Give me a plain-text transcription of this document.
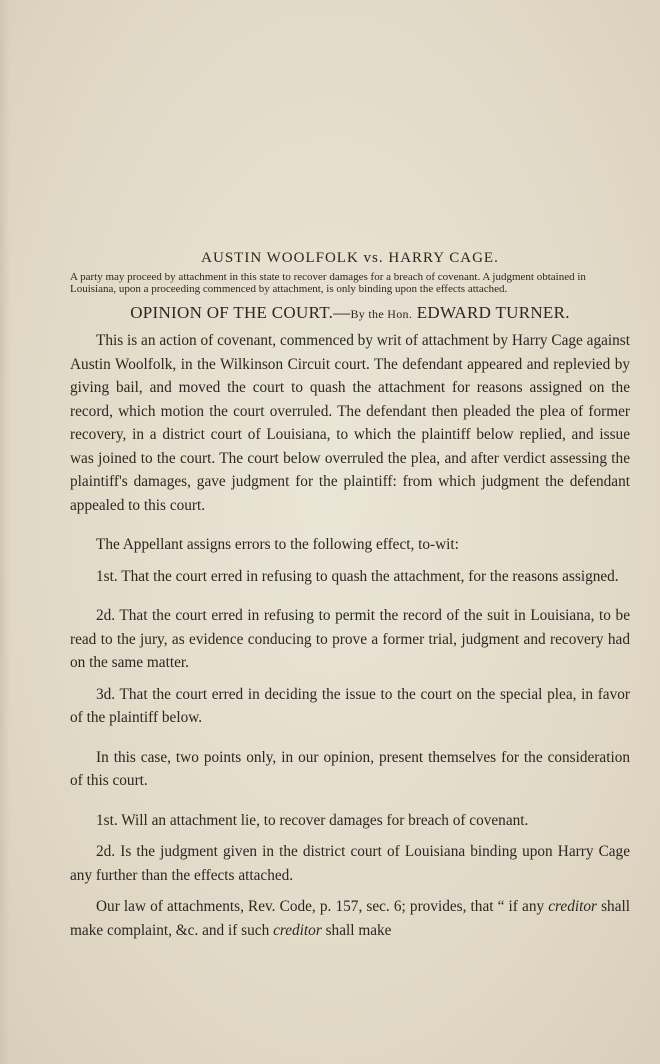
AUSTIN WOOLFOLK vs. HARRY CAGE.
A party may proceed by attachment in this state to recover damages for a breach of covenant. A judgment obtained in Louisiana, upon a proceeding commenced by attachment, is only binding upon the effects attached.
OPINION OF THE COURT.—By the Hon. EDWARD TURNER.

This is an action of covenant, commenced by writ of attachment by Harry Cage against Austin Woolfolk, in the Wilkinson Circuit court. The defendant appeared and replevied by giving bail, and moved the court to quash the attachment for reasons assigned on the record, which motion the court overruled. The defendant then pleaded the plea of former recovery, in a district court of Louisiana, to which the plaintiff below replied, and issue was joined to the court. The court below overruled the plea, and after verdict assessing the plaintiff's damages, gave judgment for the plaintiff: from which judgment the defendant appealed to this court.

The Appellant assigns errors to the following effect, to-wit:

1st. That the court erred in refusing to quash the attachment, for the reasons assigned.

2d. That the court erred in refusing to permit the record of the suit in Louisiana, to be read to the jury, as evidence conducing to prove a former trial, judgment and recovery had on the same matter.

3d. That the court erred in deciding the issue to the court on the special plea, in favor of the plaintiff below.

In this case, two points only, in our opinion, present themselves for the consideration of this court.

1st. Will an attachment lie, to recover damages for breach of covenant.

2d. Is the judgment given in the district court of Louisiana binding upon Harry Cage any further than the effects attached.

Our law of attachments, Rev. Code, p. 157, sec. 6; provides, that “ if any creditor shall make complaint, &c. and if such creditor shall make
